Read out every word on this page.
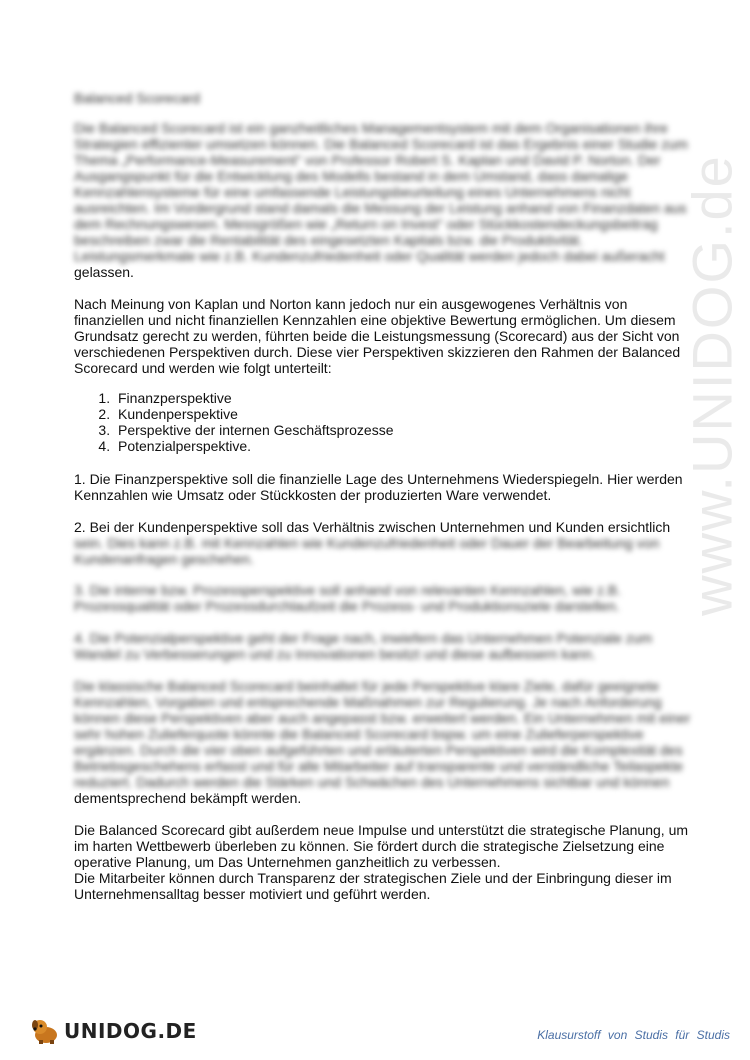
www.UNIDOG.de
Balanced Scorecard

Die Balanced Scorecard ist ein ganzheitliches Managementsystem mit dem Organisationen ihre Strategien effizienter umsetzen können. Die Balanced Scorecard ist das Ergebnis einer Studie zum Thema „Performance-Measurement“ von Professor Robert S. Kaplan und David P. Norton. Der Ausgangspunkt für die Entwicklung des Modells bestand in dem Umstand, dass damalige Kennzahlensysteme für eine umfassende Leistungsbeurteilung eines Unternehmens nicht ausreichten. Im Vordergrund stand damals die Messung der Leistung anhand von Finanzdaten aus dem Rechnungswesen. Messgrößen wie „Return on Invest“ oder Stückkostendeckungsbeitrag beschreiben zwar die Rentabilität des eingesetzten Kapitals bzw. die Produktivität. Leistungsmerkmale wie z.B. Kundenzufriedenheit oder Qualität werden jedoch dabei außeracht

gelassen.

Nach Meinung von Kaplan und Norton kann jedoch nur ein ausgewogenes Verhältnis von finanziellen und nicht finanziellen Kennzahlen eine objektive Bewertung ermöglichen. Um diesem Grundsatz gerecht zu werden, führten beide die Leistungsmessung (Scorecard) aus der Sicht von verschiedenen Perspektiven durch. Diese vier Perspektiven skizzieren den Rahmen der Balanced Scorecard und werden wie folgt unterteilt:

1. Finanzperspektive
2. Kundenperspektive
3. Perspektive der internen Geschäftsprozesse
4. Potenzialperspektive.

1. Die Finanzperspektive soll die finanzielle Lage des Unternehmens Wiederspiegeln. Hier werden Kennzahlen wie Umsatz oder Stückkosten der produzierten Ware verwendet.

2. Bei der Kundenperspektive soll das Verhältnis zwischen Unternehmen und Kunden ersichtlich

sein. Dies kann z.B. mit Kennzahlen wie Kundenzufriedenheit oder Dauer der Bearbeitung von Kundenanfragen geschehen.

3. Die interne bzw. Prozessperspektive soll anhand von relevanten Kennzahlen, wie z.B. Prozessqualität oder Prozessdurchlaufzeit die Prozess- und Produktionsziele darstellen.
4. Die Potenzialperspektive geht der Frage nach, inwiefern das Unternehmen Potenziale zum Wandel zu Verbesserungen und zu Innovationen besitzt und diese aufbessern kann.

Die klassische Balanced Scorecard beinhaltet für jede Perspektive klare Ziele, dafür geeignete Kennzahlen, Vorgaben und entsprechende Maßnahmen zur Regulierung. Je nach Anforderung können diese Perspektiven aber auch angepasst bzw. erweitert werden. Ein Unternehmen mit einer sehr hohen Zulieferquote könnte die Balanced Scorecard bspw. um eine Zulieferperspektive ergänzen. Durch die vier oben aufgeführten und erläuterten Perspektiven wird die Komplexität des Betriebsgeschehens erfasst und für alle Mitarbeiter auf transparente und verständliche Teilaspekte reduziert. Dadurch werden die Stärken und Schwächen des Unternehmens sichtbar und können

dementsprechend bekämpft werden.

Die Balanced Scorecard gibt außerdem neue Impulse und unterstützt die strategische Planung, um im harten Wettbewerb überleben zu können. Sie fördert durch die strategische Zielsetzung eine operative Planung, um Das Unternehmen ganzheitlich zu verbessen.

Die Mitarbeiter können durch Transparenz der strategischen Ziele und der Einbringung dieser im Unternehmensalltag besser motiviert und geführt werden.

UNIDOG.DE	Klausurstoff von Studis für Studis
